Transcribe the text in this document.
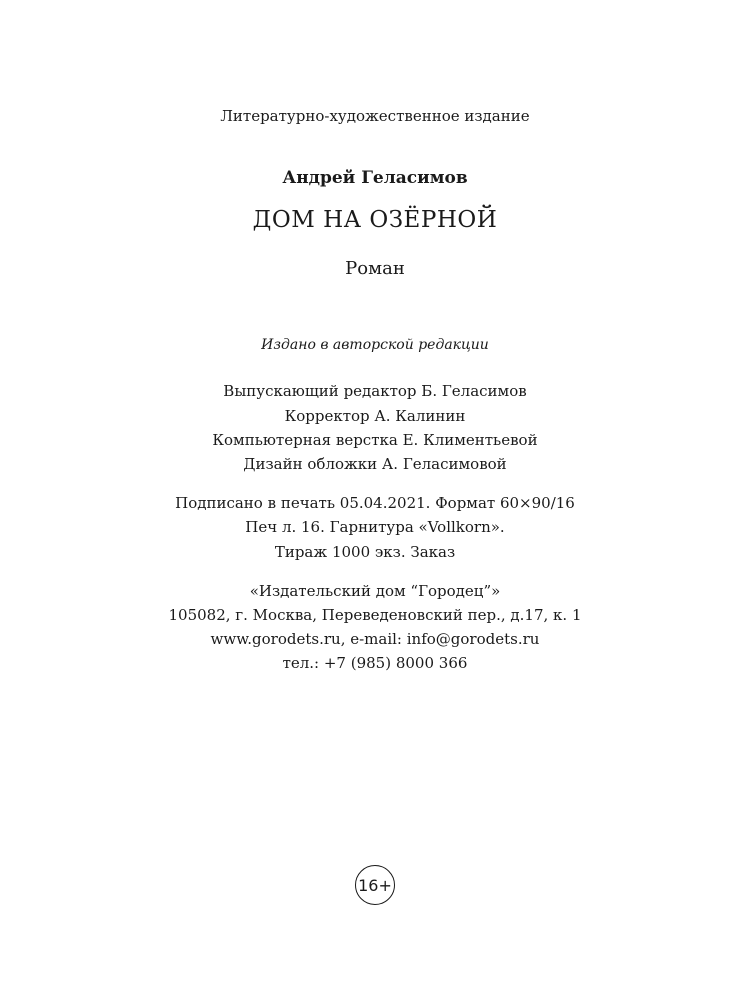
Литературно-художественное издание
Андрей Геласимов
ДОМ НА ОЗЁРНОЙ
Роман
Издано в авторской редакции
Выпускающий редактор Б. Геласимов
Корректор А. Калинин
Компьютерная верстка Е. Климентьевой
Дизайн обложки А. Геласимовой
Подписано в печать 05.04.2021. Формат 60×90/16
Печ л. 16. Гарнитура «Vollkorn».
Тираж 1000 экз. Заказ
«Издательский дом “Городец”»
105082, г. Москва, Переведеновский пер., д.17, к. 1
www.gorodets.ru, e-mail: info@gorodets.ru
тел.: +7 (985) 8000 366
16+
